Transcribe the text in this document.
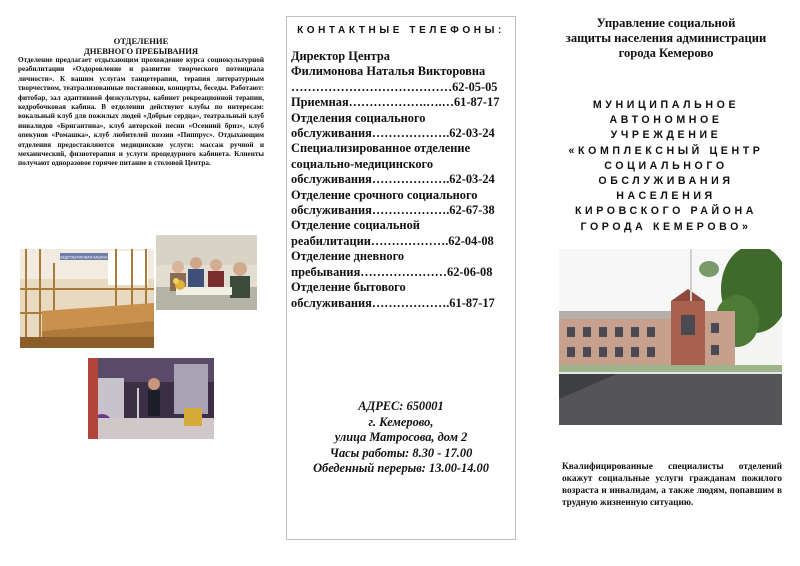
ОТДЕЛЕНИЕ
ДНЕВНОГО ПРЕБЫВАНИЯ
Отделение предлагает отдыхающим прохождение курса социокультурной реабилитации «Оздоровление и развитие творческого потенциала личности». К вашим услугам танцетерапия, терапия литературным творчеством, театрализованные постановки, концерты, беседы. Работают: фитобар, зал адаптивной физкультуры, кабинет рекреационной терапии, кедробочковая кабина. В отделении действуют клубы по интересам: вокальный клуб для пожилых людей «Добрые сердца», театральный клуб инвалидов «Бригантина», клуб авторской песни «Осенний бриз», клуб опекунов «Ромашка», клуб любителей поэзии «Пиппрус». Отдыхающим отделения предоставляются медицинские услуги: массаж ручной и механический, физиотерапия и услуги процедурного кабинета. Клиенты получают одноразовое горячее питание в столовой Центра.
КЕДРОБОЧКОВАЯ КАБИНА
КОНТАКТНЫЕ ТЕЛЕФОНЫ:
Директор Центра
Филимонова Наталья Викторовна
…………………………………62-05-05
Приемная……………….….…61-87-17
Отделения социального
обслуживания……………….62-03-24
Специализированное отделение
социально-медицинского
обслуживания……………….62-03-24
Отделение срочного социального
обслуживания……………….62-67-38
Отделение социальной
реабилитации……………….62-04-08
Отделение дневного
пребывания…………………62-06-08
Отделение бытового
обслуживания……………….61-87-17
АДРЕС: 650001
г. Кемерово,
улица Матросова, дом 2
Часы работы: 8.30 - 17.00
Обеденный перерыв: 13.00-14.00
Управление социальной
защиты населения администрации
города Кемерово
МУНИЦИПАЛЬНОЕ
АВТОНОМНОЕ
УЧРЕЖДЕНИЕ
«КОМПЛЕКСНЫЙ ЦЕНТР
СОЦИАЛЬНОГО
ОБСЛУЖИВАНИЯ
НАСЕЛЕНИЯ
КИРОВСКОГО РАЙОНА
ГОРОДА КЕМЕРОВО»
Квалифицированные специалисты отделений окажут социальные услуги гражданам пожилого возраста и инвалидам, а также людям, попавшим в трудную жизненную ситуацию.
